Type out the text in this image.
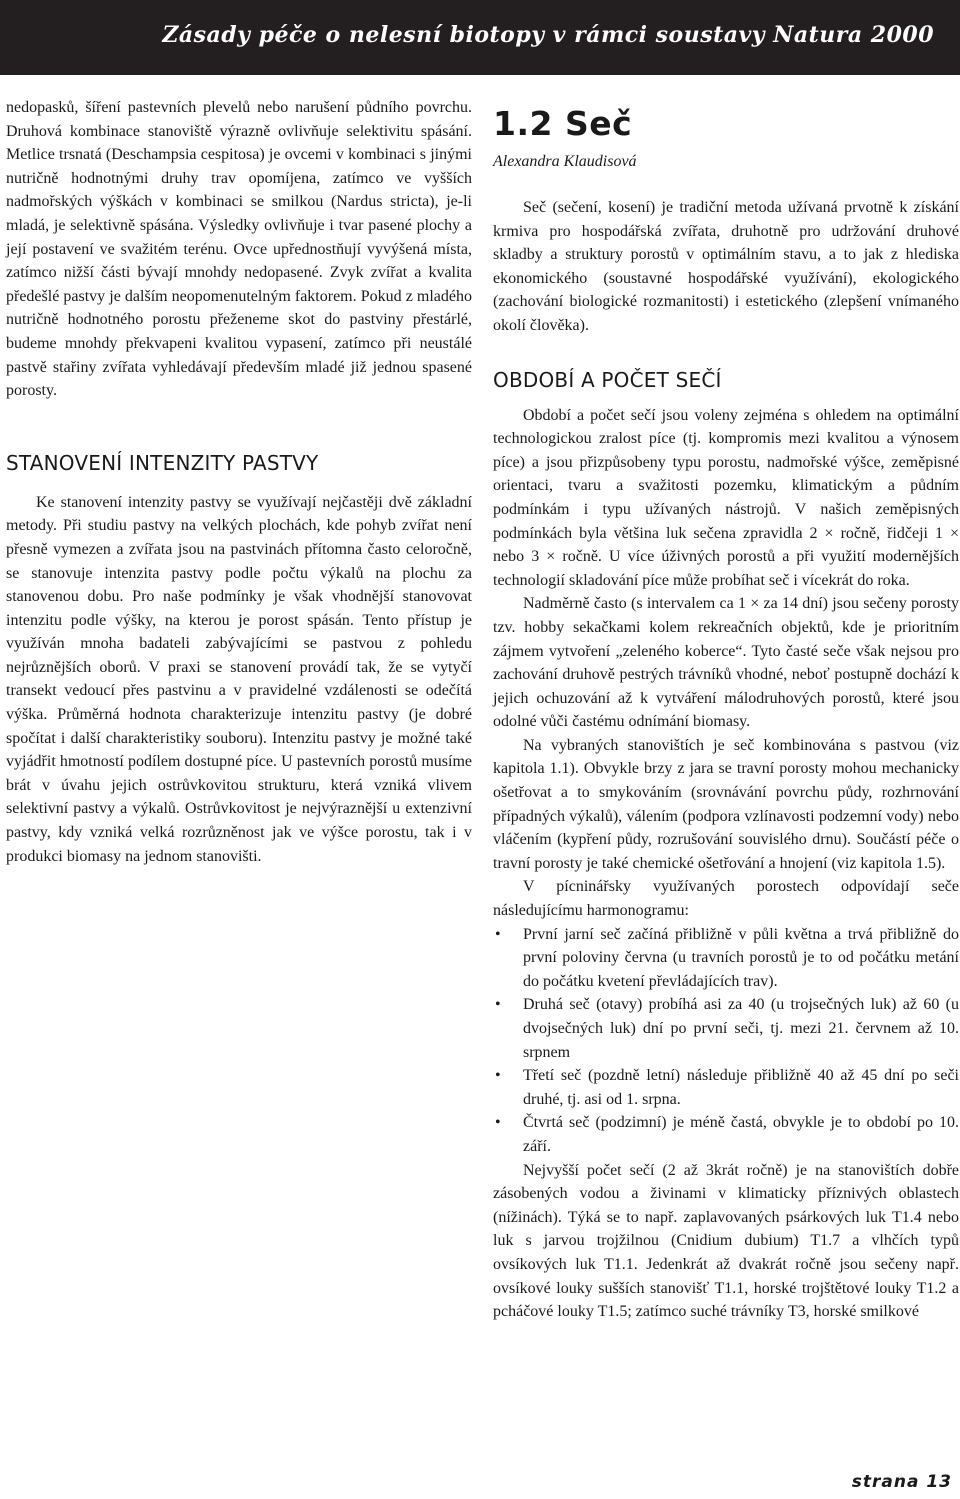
Zásady péče o nelesní biotopy v rámci soustavy Natura 2000

nedopasků, šíření pastevních plevelů nebo narušení půdního povrchu. Druhová kombinace stanoviště výrazně ovlivňuje selektivitu spásání. Metlice trsnatá (Deschampsia cespitosa) je ovcemi v kombinaci s jinými nutričně hodnotnými druhy trav opomíjena, zatímco ve vyšších nadmořských výškách v kombinaci se smilkou (Nardus stricta), je-li mladá, je selektivně spásána. Výsledky ovlivňuje i tvar pasené plochy a její postavení ve svažitém terénu. Ovce upřednostňují vyvýšená místa, zatímco nižší části bývají mnohdy nedopasené. Zvyk zvířat a kvalita předešlé pastvy je dalším neopomenutelným faktorem. Pokud z mladého nutričně hodnotného porostu přeženeme skot do pastviny přestárlé, budeme mnohdy překvapeni kvalitou vypasení, zatímco při neustálé pastvě stařiny zvířata vyhledávají především mladé již jednou spasené porosty.

STANOVENÍ INTENZITY PASTVY

Ke stanovení intenzity pastvy se využívají nejčastěji dvě základní metody. Při studiu pastvy na velkých plochách, kde pohyb zvířat není přesně vymezen a zvířata jsou na pastvinách přítomna často celoročně, se stanovuje intenzita pastvy podle počtu výkalů na plochu za stanovenou dobu. Pro naše podmínky je však vhodnější stanovovat intenzitu podle výšky, na kterou je porost spásán. Tento přístup je využíván mnoha badateli zabývajícími se pastvou z pohledu nejrůznějších oborů. V praxi se stanovení provádí tak, že se vytyčí transekt vedoucí přes pastvinu a v pravidelné vzdálenosti se odečítá výška. Průměrná hodnota charakterizuje intenzitu pastvy (je dobré spočítat i další charakteristiky souboru). Intenzitu pastvy je možné také vyjádřit hmotností podílem dostupné píce. U pastevních porostů musíme brát v úvahu jejich ostrůvkovitou strukturu, která vzniká vlivem selektivní pastvy a výkalů. Ostrůvkovitost je nejvýraznější u extenzivní pastvy, kdy vzniká velká rozrůzněnost jak ve výšce porostu, tak i v produkci biomasy na jednom stanovišti.

1.2 Seč
Alexandra Klaudisová

Seč (sečení, kosení) je tradiční metoda užívaná prvotně k získání krmiva pro hospodářská zvířata, druhotně pro udržování druhové skladby a struktury porostů v optimálním stavu, a to jak z hlediska ekonomického (soustavné hospodářské využívání), ekologického (zachování biologické rozmanitosti) i estetického (zlepšení vnímaného okolí člověka).

OBDOBÍ A POČET SEČÍ

Období a počet sečí jsou voleny zejména s ohledem na optimální technologickou zralost píce (tj. kompromis mezi kvalitou a výnosem píce) a jsou přizpůsobeny typu porostu, nadmořské výšce, zeměpisné orientaci, tvaru a svažitosti pozemku, klimatickým a půdním podmínkám i typu užívaných nástrojů. V našich zeměpisných podmínkách byla většina luk sečena zpravidla 2 × ročně, řidčeji 1 × nebo 3 × ročně. U více úživných porostů a při využití modernějších technologií skladování píce může probíhat seč i vícekrát do roka.

Nadměrně často (s intervalem ca 1 × za 14 dní) jsou sečeny porosty tzv. hobby sekačkami kolem rekreačních objektů, kde je prioritním zájmem vytvoření „zeleného koberce“. Tyto časté seče však nejsou pro zachování druhově pestrých trávníků vhodné, neboť postupně dochází k jejich ochuzování až k vytváření málodruhových porostů, které jsou odolné vůči častému odnímání biomasy.

Na vybraných stanovištích je seč kombinována s pastvou (viz kapitola 1.1). Obvykle brzy z jara se travní porosty mohou mechanicky ošetřovat a to smykováním (srovnávání povrchu půdy, rozhrnování případných výkalů), válením (podpora vzlínavosti podzemní vody) nebo vláčením (kypření půdy, rozrušování souvislého drnu). Součástí péče o travní porosty je také chemické ošetřování a hnojení (viz kapitola 1.5).

V pícninářsky využívaných porostech odpovídají seče následujícímu harmonogramu:

• První jarní seč začíná přibližně v půli května a trvá přibližně do první poloviny června (u travních porostů je to od počátku metání do počátku kvetení převládajících trav).
• Druhá seč (otavy) probíhá asi za 40 (u trojsečných luk) až 60 (u dvojsečných luk) dní po první seči, tj. mezi 21. červnem až 10. srpnem
• Třetí seč (pozdně letní) následuje přibližně 40 až 45 dní po seči druhé, tj. asi od 1. srpna.
• Čtvrtá seč (podzimní) je méně častá, obvykle je to období po 10. září.

Nejvyšší počet sečí (2 až 3krát ročně) je na stanovištích dobře zásobených vodou a živinami v klimaticky příznivých oblastech (nížinách). Týká se to např. zaplavovaných psárkových luk T1.4 nebo luk s jarvou trojžilnou (Cnidium dubium) T1.7 a vlhčích typů ovsíkových luk T1.1. Jedenkrát až dvakrát ročně jsou sečeny např. ovsíkové louky sušších stanovišť T1.1, horské trojštětové louky T1.2 a pcháčové louky T1.5; zatímco suché trávníky T3, horské smilkové

strana 13
